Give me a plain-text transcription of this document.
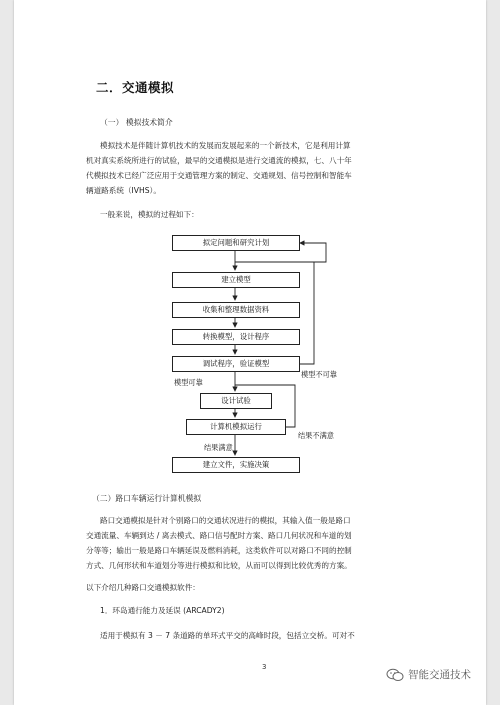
二．交通模拟
（一） 模拟技术简介
模拟技术是伴随计算机技术的发展而发展起来的一个新技术，它是利用计算
机对真实系统所进行的试验，最早的交通模拟是进行交通流的模拟，七、八十年
代模拟技术已经广泛应用于交通管理方案的制定、交通规划、信号控制和智能车
辆道路系统（IVHS）。
一般来说，模拟的过程如下：
拟定问题和研究计划
建立模型
收集和整理数据资料
转换模型，设计程序
调试程序，验证模型
设计试验
计算机模拟运行
建立文件，实施决策
模型可靠
模型不可靠
结果满意
结果不满意
（二）路口车辆运行计算机模拟
路口交通模拟是针对个别路口的交通状况进行的模拟，其输入值一般是路口
交通流量、车辆到达 / 离去模式、路口信号配时方案、路口几何状况和车道的划
分等等；输出一般是路口车辆延误及燃料消耗，这类软件可以对路口不同的控制
方式、几何形状和车道划分等进行模拟和比较，从而可以得到比较优秀的方案。
以下介绍几种路口交通模拟软件：
1．环岛通行能力及延误 (ARCADY2)
适用于模拟有 3 － 7 条道路的单环式平交的高峰时段，包括立交桥。可对不
3
智能交通技术
